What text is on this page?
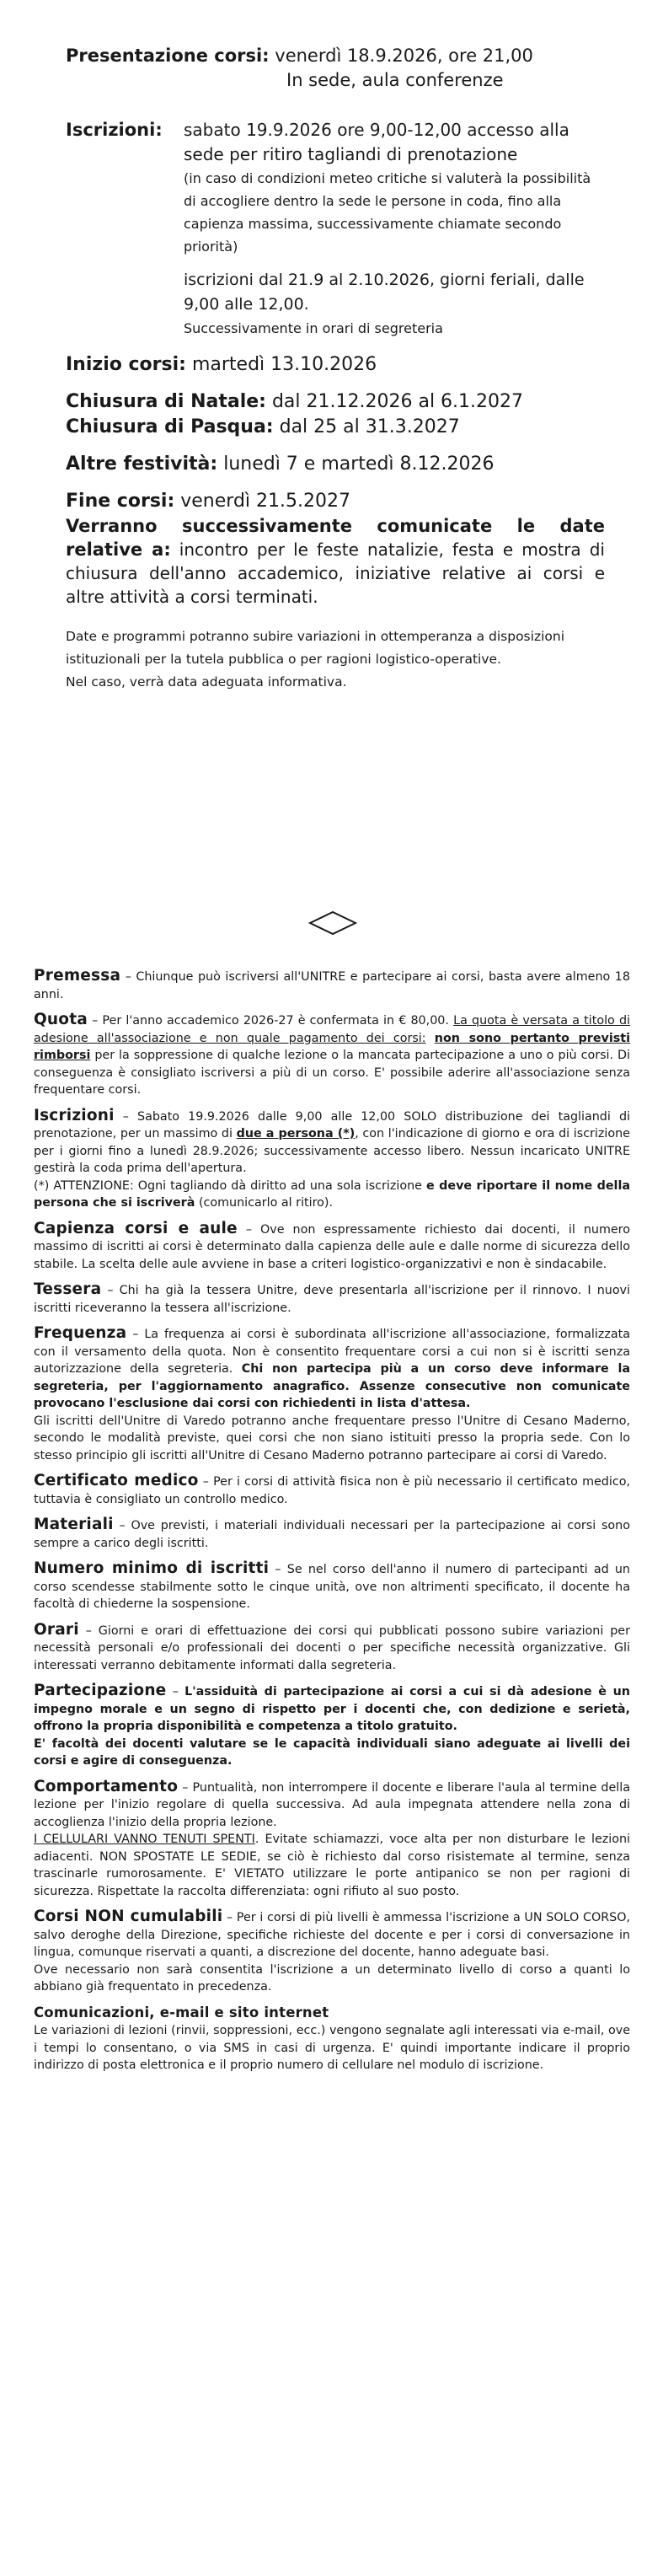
Presentazione corsi: venerdì 18.9.2026, ore 21,00

In sede, aula conferenze

Iscrizioni:	sabato 19.9.2026 ore 9,00-12,00 accesso alla sede per ritiro tagliandi di prenotazione

(in caso di condizioni meteo critiche si valuterà la possibilità di accogliere dentro la sede le persone in coda, fino alla capienza massima, successivamente chiamate secondo priorità)

iscrizioni dal 21.9 al 2.10.2026, giorni feriali, dalle 9,00 alle 12,00.

Successivamente in orari di segreteria

Inizio corsi: martedì 13.10.2026

Chiusura di Natale: dal 21.12.2026 al 6.1.2027

Chiusura di Pasqua: dal 25 al 31.3.2027

Altre festività: lunedì 7 e martedì 8.12.2026

Fine corsi: venerdì 21.5.2027

Verranno successivamente comunicate le date relative a: incontro per le feste natalizie, festa e mostra di chiusura dell'anno accademico, iniziative relative ai corsi e altre attività a corsi terminati.

Date e programmi potranno subire variazioni in ottemperanza a disposizioni istituzionali per la tutela pubblica o per ragioni logistico-operative.

Nel caso, verrà data adeguata informativa.

Premessa – Chiunque può iscriversi all'UNITRE e partecipare ai corsi, basta avere almeno 18 anni.

Quota – Per l'anno accademico 2026-27 è confermata in € 80,00. La quota è versata a titolo di adesione all'associazione e non quale pagamento dei corsi: non sono pertanto previsti rimborsi per la soppressione di qualche lezione o la mancata partecipazione a uno o più corsi. Di conseguenza è consigliato iscriversi a più di un corso. E' possibile aderire all'associazione senza frequentare corsi.

Iscrizioni – Sabato 19.9.2026 dalle 9,00 alle 12,00 SOLO distribuzione dei tagliandi di prenotazione, per un massimo di due a persona (*), con l'indicazione di giorno e ora di iscrizione per i giorni fino a lunedì 28.9.2026; successivamente accesso libero. Nessun incaricato UNITRE gestirà la coda prima dell'apertura.

(*) ATTENZIONE: Ogni tagliando dà diritto ad una sola iscrizione e deve riportare il nome della persona che si iscriverà (comunicarlo al ritiro).

Capienza corsi e aule – Ove non espressamente richiesto dai docenti, il numero massimo di iscritti ai corsi è determinato dalla capienza delle aule e dalle norme di sicurezza dello stabile. La scelta delle aule avviene in base a criteri logistico-organizzativi e non è sindacabile.

Tessera – Chi ha già la tessera Unitre, deve presentarla all'iscrizione per il rinnovo. I nuovi iscritti riceveranno la tessera all'iscrizione.

Frequenza – La frequenza ai corsi è subordinata all'iscrizione all'associazione, formalizzata con il versamento della quota. Non è consentito frequentare corsi a cui non si è iscritti senza autorizzazione della segreteria. Chi non partecipa più a un corso deve informare la segreteria, per l'aggiornamento anagrafico. Assenze consecutive non comunicate provocano l'esclusione dai corsi con richiedenti in lista d'attesa.

Gli iscritti dell'Unitre di Varedo potranno anche frequentare presso l'Unitre di Cesano Maderno, secondo le modalità previste, quei corsi che non siano istituiti presso la propria sede. Con lo stesso principio gli iscritti all'Unitre di Cesano Maderno potranno partecipare ai corsi di Varedo.

Certificato medico – Per i corsi di attività fisica non è più necessario il certificato medico, tuttavia è consigliato un controllo medico.

Materiali – Ove previsti, i materiali individuali necessari per la partecipazione ai corsi sono sempre a carico degli iscritti.

Numero minimo di iscritti – Se nel corso dell'anno il numero di partecipanti ad un corso scendesse stabilmente sotto le cinque unità, ove non altrimenti specificato, il docente ha facoltà di chiederne la sospensione.

Orari – Giorni e orari di effettuazione dei corsi qui pubblicati possono subire variazioni per necessità personali e/o professionali dei docenti o per specifiche necessità organizzative. Gli interessati verranno debitamente informati dalla segreteria.

Partecipazione – L'assiduità di partecipazione ai corsi a cui si dà adesione è un impegno morale e un segno di rispetto per i docenti che, con dedizione e serietà, offrono la propria disponibilità e competenza a titolo gratuito.

E' facoltà dei docenti valutare se le capacità individuali siano adeguate ai livelli dei corsi e agire di conseguenza.

Comportamento – Puntualità, non interrompere il docente e liberare l'aula al termine della lezione per l'inizio regolare di quella successiva. Ad aula impegnata attendere nella zona di accoglienza l'inizio della propria lezione.

I CELLULARI VANNO TENUTI SPENTI. Evitate schiamazzi, voce alta per non disturbare le lezioni adiacenti. NON SPOSTATE LE SEDIE, se ciò è richiesto dal corso risistemate al termine, senza trascinarle rumorosamente. E' VIETATO utilizzare le porte antipanico se non per ragioni di sicurezza. Rispettate la raccolta differenziata: ogni rifiuto al suo posto.

Corsi NON cumulabili – Per i corsi di più livelli è ammessa l'iscrizione a UN SOLO CORSO, salvo deroghe della Direzione, specifiche richieste del docente e per i corsi di conversazione in lingua, comunque riservati a quanti, a discrezione del docente, hanno adeguate basi.

Ove necessario non sarà consentita l'iscrizione a un determinato livello di corso a quanti lo abbiano già frequentato in precedenza.

Comunicazioni, e-mail e sito internet

Le variazioni di lezioni (rinvii, soppressioni, ecc.) vengono segnalate agli interessati via e-mail, ove i tempi lo consentano, o via SMS in casi di urgenza. E' quindi importante indicare il proprio indirizzo di posta elettronica e il proprio numero di cellulare nel modulo di iscrizione.
